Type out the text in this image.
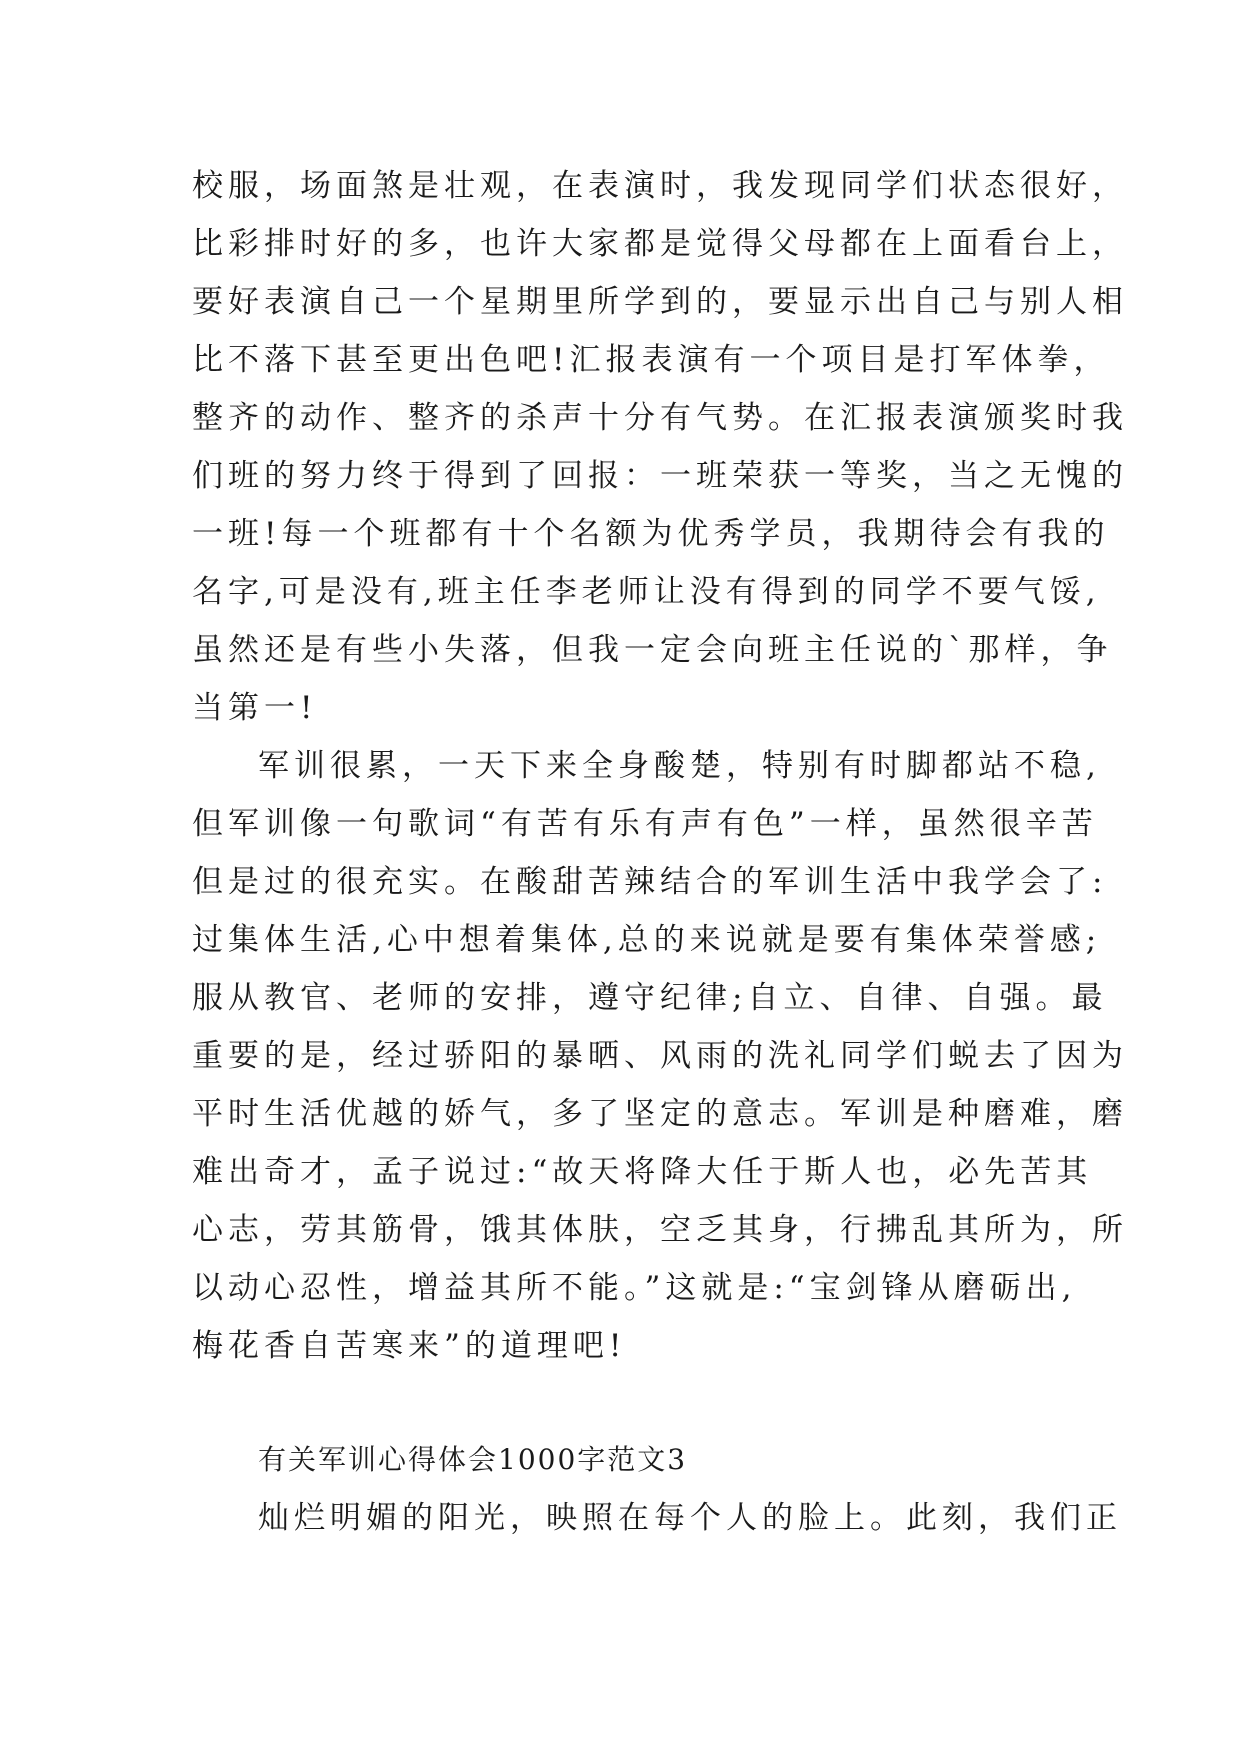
校服，场面煞是壮观，在表演时，我发现同学们状态很好，
比彩排时好的多，也许大家都是觉得父母都在上面看台上，
要好表演自己一个星期里所学到的，要显示出自己与别人相
比不落下甚至更出色吧!汇报表演有一个项目是打军体拳，
整齐的动作、整齐的杀声十分有气势。在汇报表演颁奖时我
们班的努力终于得到了回报：一班荣获一等奖，当之无愧的
一班!每一个班都有十个名额为优秀学员，我期待会有我的
名字,可是没有,班主任李老师让没有得到的同学不要气馁,
虽然还是有些小失落，但我一定会向班主任说的`那样，争
当第一!
军训很累，一天下来全身酸楚，特别有时脚都站不稳,
但军训像一句歌词“有苦有乐有声有色”一样，虽然很辛苦
但是过的很充实。在酸甜苦辣结合的军训生活中我学会了:
过集体生活,心中想着集体,总的来说就是要有集体荣誉感;
服从教官、老师的安排，遵守纪律;自立、自律、自强。最
重要的是，经过骄阳的暴晒、风雨的洗礼同学们蜕去了因为
平时生活优越的娇气，多了坚定的意志。军训是种磨难，磨
难出奇才，孟子说过:“故天将降大任于斯人也，必先苦其
心志，劳其筋骨，饿其体肤，空乏其身，行拂乱其所为，所
以动心忍性，增益其所不能。”这就是:“宝剑锋从磨砺出,
梅花香自苦寒来”的道理吧!
有关军训心得体会1000字范文3
灿烂明媚的阳光，映照在每个人的脸上。此刻，我们正
